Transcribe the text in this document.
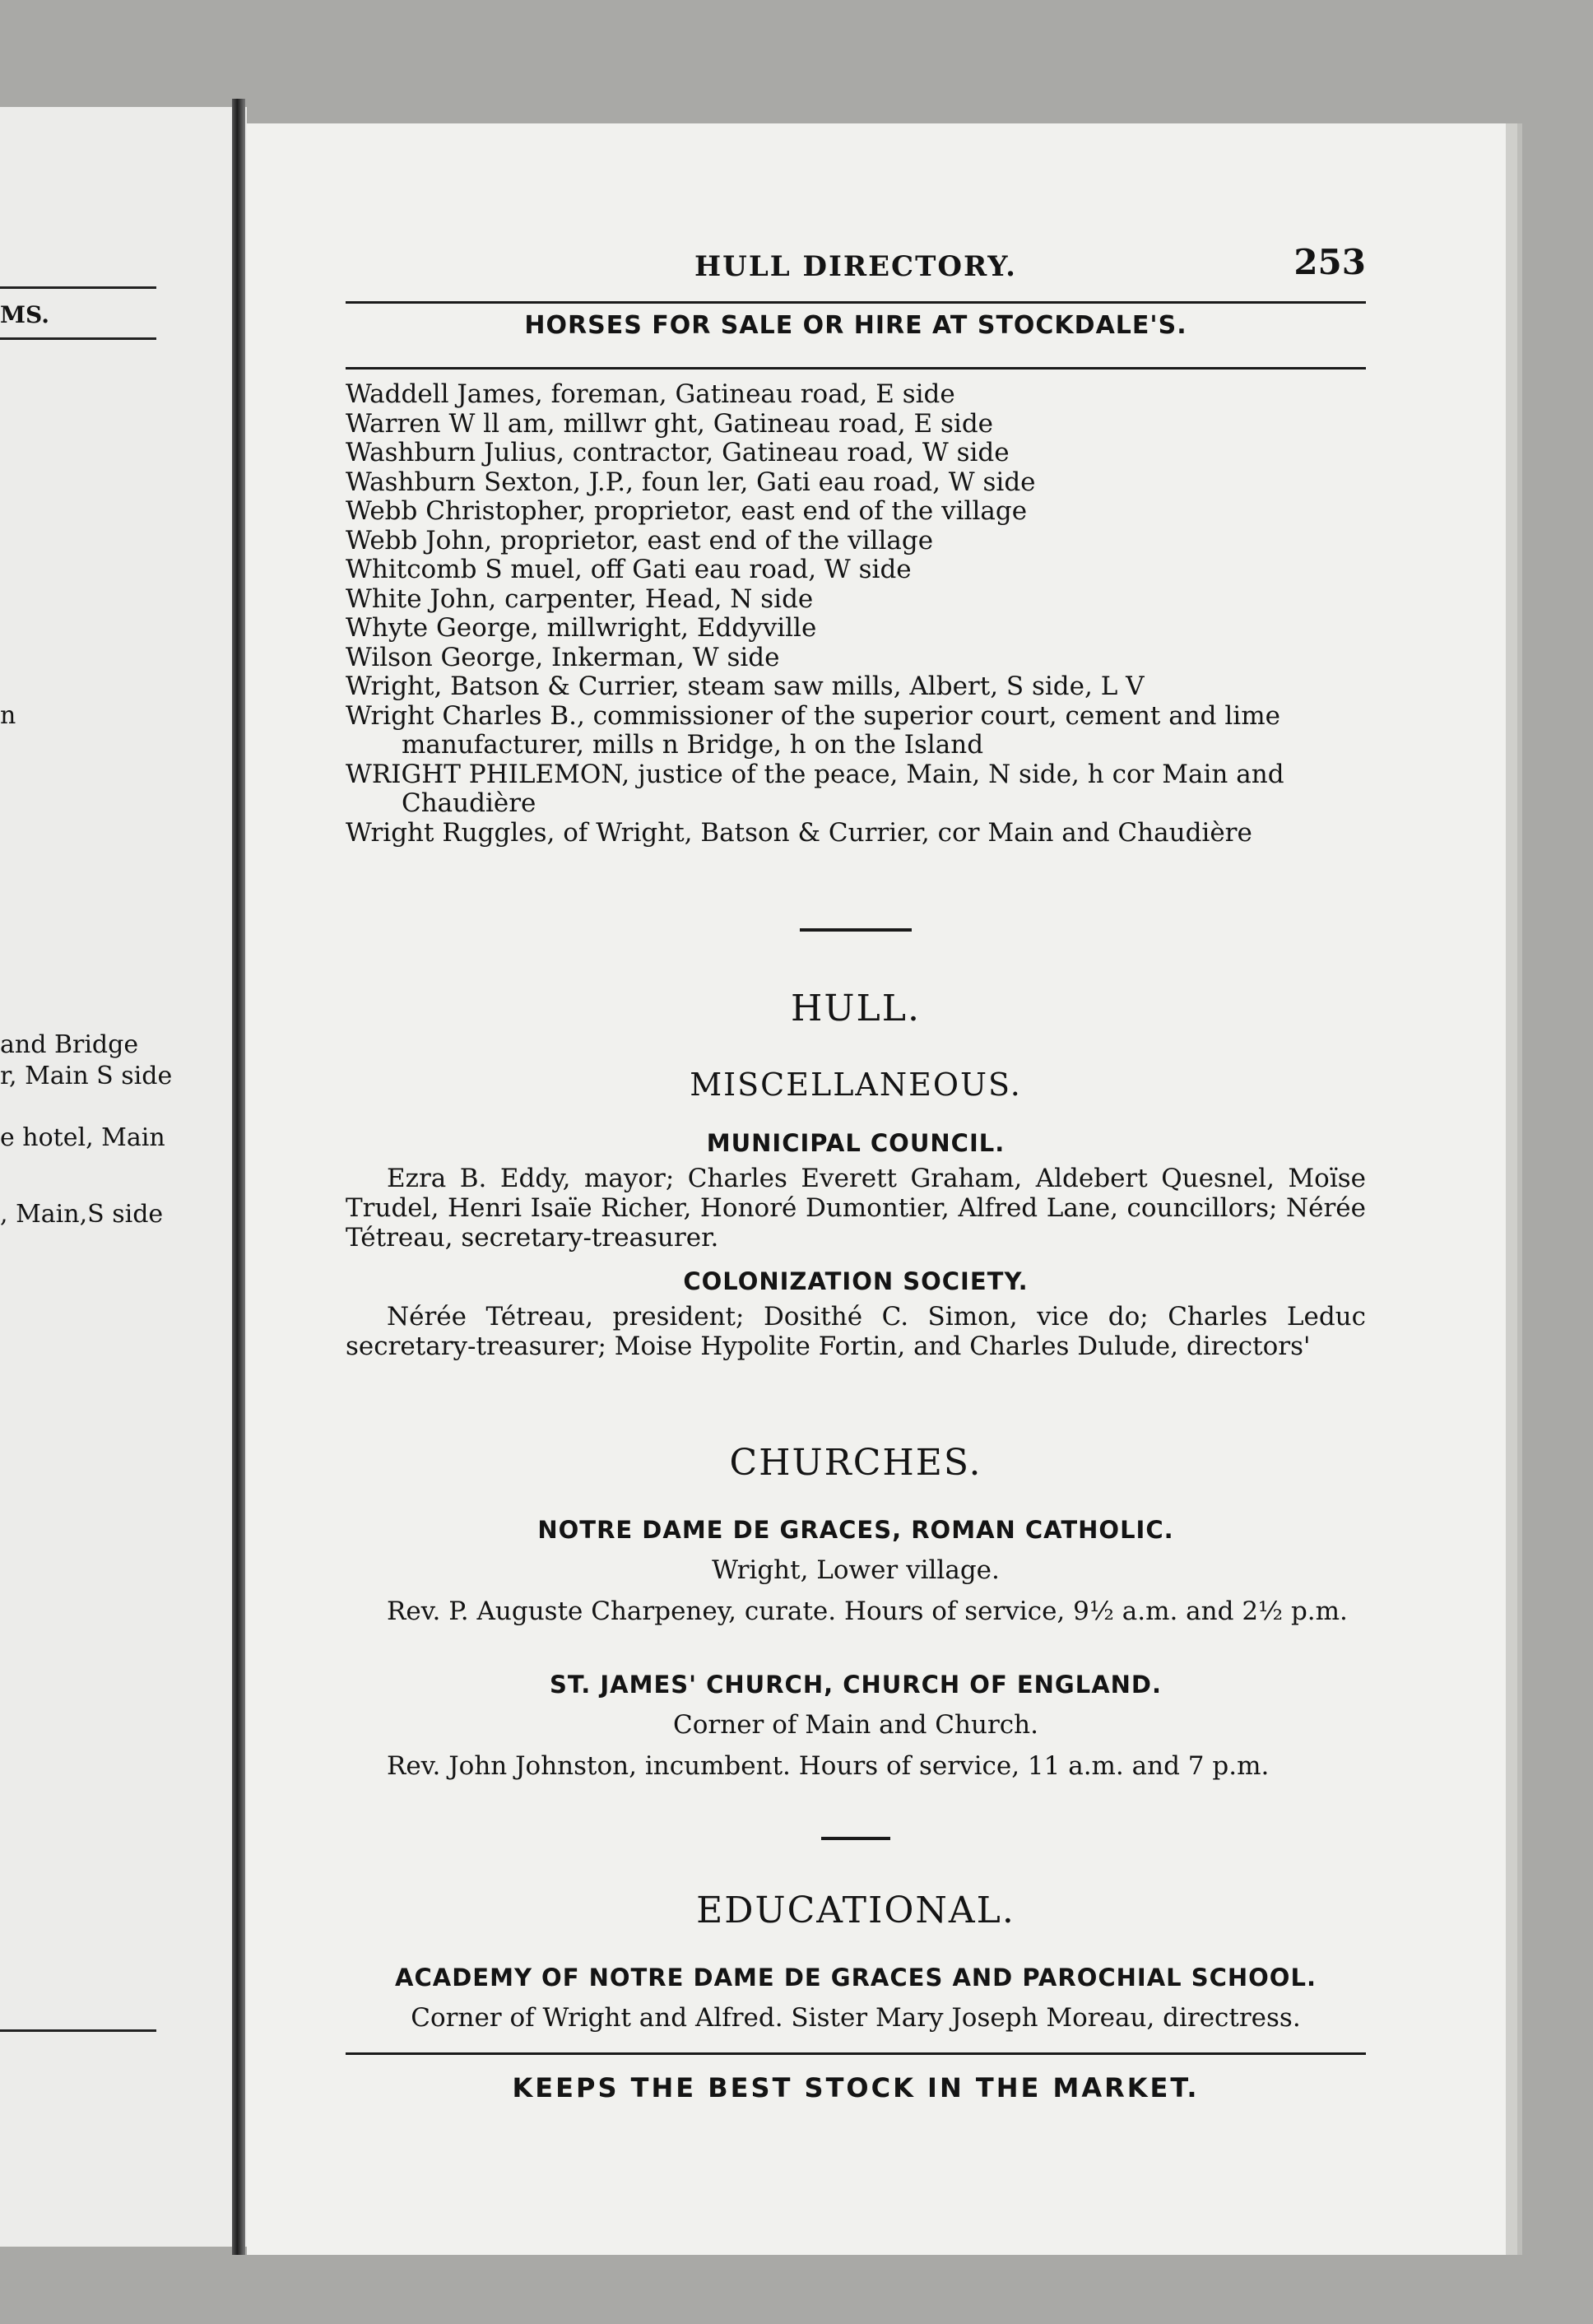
MS.
n
and Bridge
r, Main S side
e hotel, Main
, Main,S side
HULL DIRECTORY.	253
HORSES FOR SALE OR HIRE AT STOCKDALE'S.
Waddell James, foreman, Gatineau road, E side
Warren W ll am, millwr ght, Gatineau road, E side
Washburn Julius, contractor, Gatineau road, W side
Washburn Sexton, J.P., foun ler, Gati eau road, W side
Webb Christopher, proprietor, east end of the village
Webb John, proprietor, east end of the village
Whitcomb S muel, off Gati eau road, W side
White John, carpenter, Head, N side
Whyte George, millwright, Eddyville
Wilson George, Inkerman, W side
Wright, Batson & Currier, steam saw mills, Albert, S side, L V
Wright Charles B., commissioner of the superior court, cement and lime manufacturer, mills n Bridge, h on the Island
WRIGHT PHILEMON, justice of the peace, Main, N side, h cor Main and Chaudière
Wright Ruggles, of Wright, Batson & Currier, cor Main and Chaudière
HULL.
MISCELLANEOUS.
MUNICIPAL COUNCIL.
Ezra B. Eddy, mayor; Charles Everett Graham, Aldebert Quesnel, Moïse Trudel, Henri Isaïe Richer, Honoré Dumontier, Alfred Lane, councillors; Nérée Tétreau, secretary-treasurer.
COLONIZATION SOCIETY.
Nérée Tétreau, president; Dosithé C. Simon, vice do; Charles Leduc secretary-treasurer; Moise Hypolite Fortin, and Charles Dulude, directors'
CHURCHES.
NOTRE DAME DE GRACES, ROMAN CATHOLIC.
Wright, Lower village.
Rev. P. Auguste Charpeney, curate. Hours of service, 9½ a.m. and 2½ p.m.
ST. JAMES' CHURCH, CHURCH OF ENGLAND.
Corner of Main and Church.
Rev. John Johnston, incumbent. Hours of service, 11 a.m. and 7 p.m.
EDUCATIONAL.
ACADEMY OF NOTRE DAME DE GRACES AND PAROCHIAL SCHOOL.
Corner of Wright and Alfred. Sister Mary Joseph Moreau, directress.
KEEPS THE BEST STOCK IN THE MARKET.
